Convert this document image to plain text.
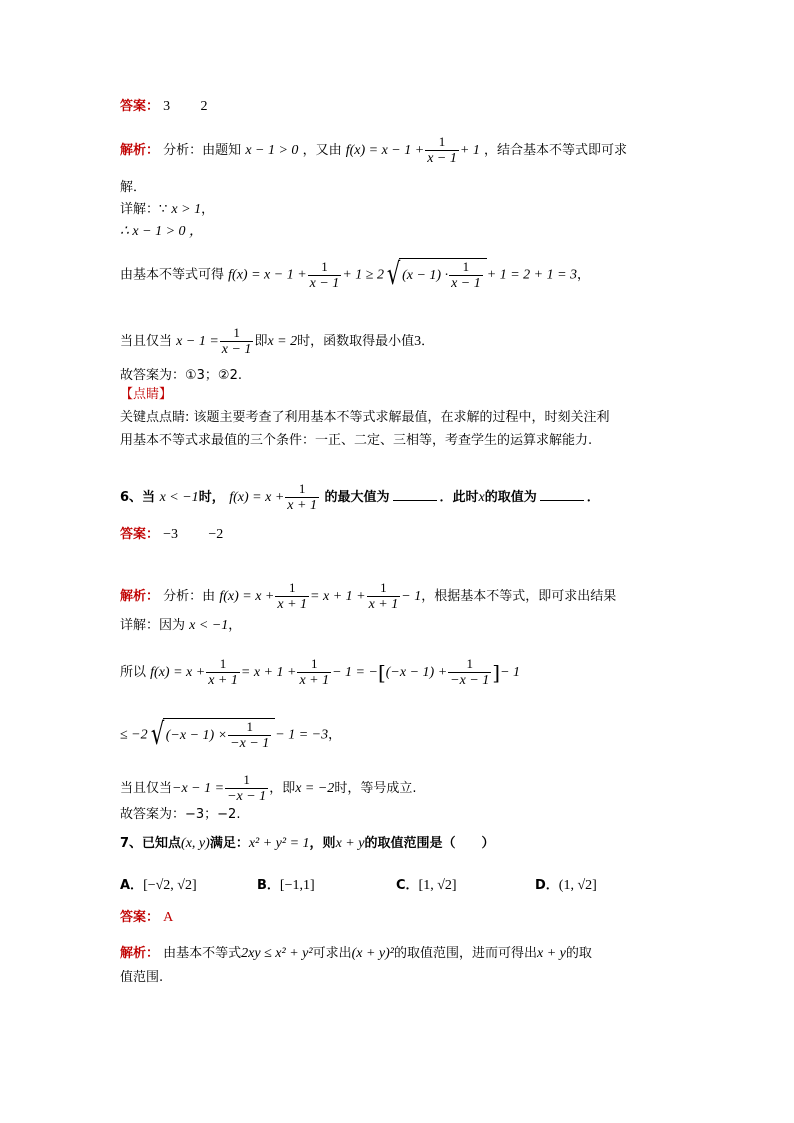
答案： 3 2
解析： 分析：由题知 x − 1 > 0 ，又由 $f(x) = x - 1 + \frac{1}{x - 1} + 1$ ，结合基本不等式即可求
解．
详解：∵ x > 1，
∴ x − 1 > 0 ，
由基本不等式可得 $f(x) = x - 1 + \frac{1}{x - 1} + 1 \ge 2√$ $(x - 1) \cdot \frac{1}{x - 1} + 1 = 2 + 1 = 3$，
当且仅当 $x - 1 = \frac{1}{x - 1}$ 即x = 2时，函数取得最小值3．
故答案为：①3；②2.
【点睛】
关键点点睛: 该题主要考查了利用基本不等式求解最值，在求解的过程中，时刻关注利
用基本不等式求最值的三个条件：一正、二定、三相等，考查学生的运算求解能力.
6、当 x < −1时， $f(x) = x + \frac{1}{x + 1}$ 的最大值为	．此时x的取值为	．
答案： −3 −2
解析： 分析：由 $f(x) = x + \frac{1}{x + 1} = x + 1 + \frac{1}{x + 1} - 1$，根据基本不等式，即可求出结果
详解：因为 x < −1，
所以 $f(x) = x + \frac{1}{x + 1} = x + 1 + \frac{1}{x + 1} - 1 = -[(-x - 1) + \frac{1}{-x - 1}$ ]− 1
≤ −2√ $(-x - 1) \times \frac{1}{-x - 1} - 1 = -3$，
当且仅当$-x - 1 = \frac{1}{-x - 1}$ ，即x = −2时，等号成立.
故答案为：−3；−2.
7、已知点(x, y)满足：x² + y² = 1，则x + y的取值范围是（　　）
A．[−√2, √2]	B．[−1,1]	C．[1, √2]	D．(1, √2]
答案： A
解析： 由基本不等式2xy ≤ x² + y²可求出(x + y)²的取值范围，进而可得出x + y的取
值范围.
